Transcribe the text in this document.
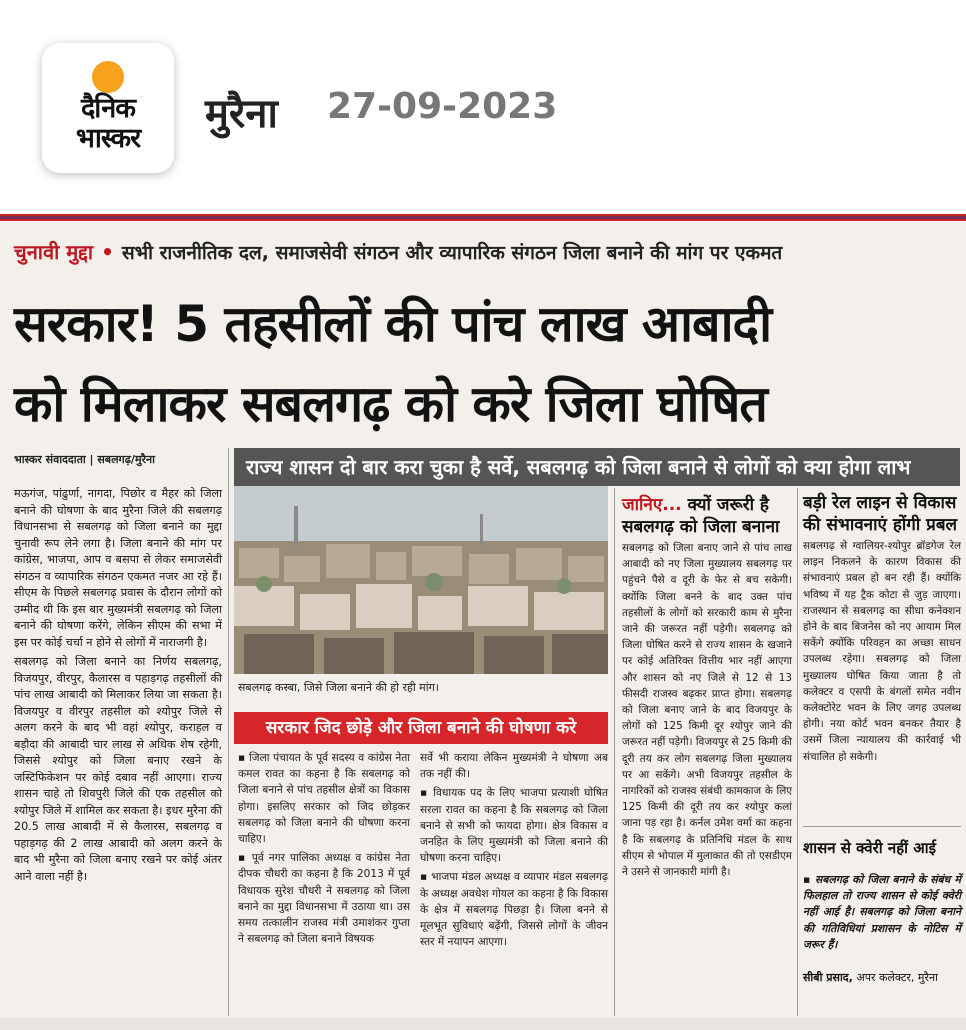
दैनिक
भास्कर
मुरैना 27-09-2023
चुनावी मुद्दा • सभी राजनीतिक दल, समाजसेवी संगठन और व्यापारिक संगठन जिला बनाने की मांग पर एकमत
सरकार! 5 तहसीलों की पांच लाख आबादी
को मिलाकर सबलगढ़ को करे जिला घोषित
भास्कर संवाददाता | सबलगढ़/मुरैना

मऊगंज, पांढुर्णा, नागदा, पिछोर व मैहर को जिला बनाने की घोषणा के बाद मुरैना जिले की सबलगढ़ विधानसभा से सबलगढ़ को जिला बनाने का मुद्दा चुनावी रूप लेने लगा है। जिला बनाने की मांग पर कांग्रेस, भाजपा, आप व बसपा से लेकर समाजसेवी संगठन व व्यापारिक संगठन एकमत नजर आ रहे हैं। सीएम के पिछले सबलगढ़ प्रवास के दौरान लोगों को उम्मीद थी कि इस बार मुख्यमंत्री सबलगढ़ को जिला बनाने की घोषणा करेंगे, लेकिन सीएम की सभा में इस पर कोई चर्चा न होने से लोगों में नाराजगी है।

सबलगढ़ को जिला बनाने का निर्णय सबलगढ़, विजयपुर, वीरपुर, कैलारस व पहाड़गढ़ तहसीलों की पांच लाख आबादी को मिलाकर लिया जा सकता है। विजयपुर व वीरपुर तहसील को श्योपुर जिले से अलग करने के बाद भी वहां श्योपुर, कराहल व बड़ौदा की आबादी चार लाख से अधिक शेष रहेगी, जिससे श्योपुर को जिला बनाए रखने के जस्टिफिकेशन पर कोई दबाव नहीं आएगा। राज्य शासन चाहे तो शिवपुरी जिले की एक तहसील को श्योपुर जिले में शामिल कर सकता है। इधर मुरैना की 20.5 लाख आबादी में से कैलारस, सबलगढ़ व पहाड़गढ़ की 2 लाख आबादी को अलग करने के बाद भी मुरैना को जिला बनाए रखने पर कोई अंतर आने वाला नहीं है।

राज्य शासन दो बार करा चुका है सर्वे, सबलगढ़ को जिला बनाने से लोगों को क्या होगा लाभ
सबलगढ़ कस्बा, जिसे जिला बनाने की हो रही मांग।
सरकार जिद छोड़े और जिला बनाने की घोषणा करे

▪ जिला पंचायत के पूर्व सदस्य व कांग्रेस नेता कमल रावत का कहना है कि सबलगढ़ को जिला बनाने से पांच तहसील क्षेत्रों का विकास होगा। इसलिए सरकार को जिद छोड़कर सबलगढ़ को जिला बनाने की घोषणा करना चाहिए।

▪ पूर्व नगर पालिका अध्यक्ष व कांग्रेस नेता दीपक चौधरी का कहना है कि 2013 में पूर्व विधायक सुरेश चौधरी ने सबलगढ़ को जिला बनाने का मुद्दा विधानसभा में उठाया था। उस समय तत्कालीन राजस्व मंत्री उमाशंकर गुप्ता ने सबलगढ़ को जिला बनाने विषयक

सर्वे भी कराया लेकिन मुख्यमंत्री ने घोषणा अब तक नहीं की।

▪ विधायक पद के लिए भाजपा प्रत्याशी घोषित सरला रावत का कहना है कि सबलगढ़ को जिला बनाने से सभी को फायदा होगा। क्षेत्र विकास व जनहित के लिए मुख्यमंत्री को जिला बनाने की घोषणा करना चाहिए।

▪ भाजपा मंडल अध्यक्ष व व्यापार मंडल सबलगढ़ के अध्यक्ष अवधेश गोयल का कहना है कि विकास के क्षेत्र में सबलगढ़ पिछड़ा है। जिला बनने से मूलभूत सुविधाएं बढ़ेंगी, जिससे लोगों के जीवन स्तर में नयापन आएगा।

जानिए... क्यों जरूरी है सबलगढ़ को जिला बनाना

सबलगढ़ को जिला बनाए जाने से पांच लाख आबादी को नए जिला मुख्यालय सबलगढ़ पर पहुंचने पैसे व दूरी के फेर से बच सकेगी। क्योंकि जिला बनने के बाद उक्त पांच तहसीलों के लोगों को सरकारी काम से मुरैना जाने की जरूरत नहीं पड़ेगी। सबलगढ़ को जिला घोषित करने से राज्य शासन के खजाने पर कोई अतिरिक्त वित्तीय भार नहीं आएगा और शासन को नए जिले से 12 से 13 फीसदी राजस्व बढ़कर प्राप्त होगा। सबलगढ़ को जिला बनाए जाने के बाद विजयपुर के लोगों को 125 किमी दूर श्योपुर जाने की जरूरत नहीं पड़ेगी। विजयपुर से 25 किमी की दूरी तय कर लोग सबलगढ़ जिला मुख्यालय पर आ सकेंगे। अभी विजयपुर तहसील के नागरिकों को राजस्व संबंधी कामकाज के लिए 125 किमी की दूरी तय कर श्योपुर कलां जाना पड़ रहा है। कर्नल उमेश वर्मा का कहना है कि सबलगढ़ के प्रतिनिधि मंडल के साथ सीएम से भोपाल में मुलाकात की तो एसडीएम ने उसने से जानकारी मांगी है।

बड़ी रेल लाइन से विकास की संभावनाएं होंगी प्रबल

सबलगढ़ से ग्वालियर-श्योपुर ब्रॉडगेज रेल लाइन निकलने के कारण विकास की संभावनाएं प्रबल हो बन रही हैं। क्योंकि भविष्य में यह ट्रैक कोटा से जुड़ जाएगा। राजस्थान से सबलगढ़ का सीधा कनेक्शन होने के बाद बिजनेस को नए आयाम मिल सकेंगे क्योंकि परिवहन का अच्छा साधन उपलब्ध रहेगा। सबलगढ़ को जिला मुख्यालय घोषित किया जाता है तो कलेक्टर व एसपी के बंगलों समेत नवीन कलेक्टोरेट भवन के लिए जगह उपलब्ध होगी। नया कोर्ट भवन बनकर तैयार है उसमें जिला न्यायालय की कार्रवाई भी संचालित हो सकेगी।

शासन से क्वेरी नहीं आई

▪ सबलगढ़ को जिला बनाने के संबंध में फिलहाल तो राज्य शासन से कोई क्वेरी नहीं आई है। सबलगढ़ को जिला बनाने की गतिविधियां प्रशासन के नोटिस में जरूर हैं।

सीबी प्रसाद, अपर कलेक्टर, मुरैना
